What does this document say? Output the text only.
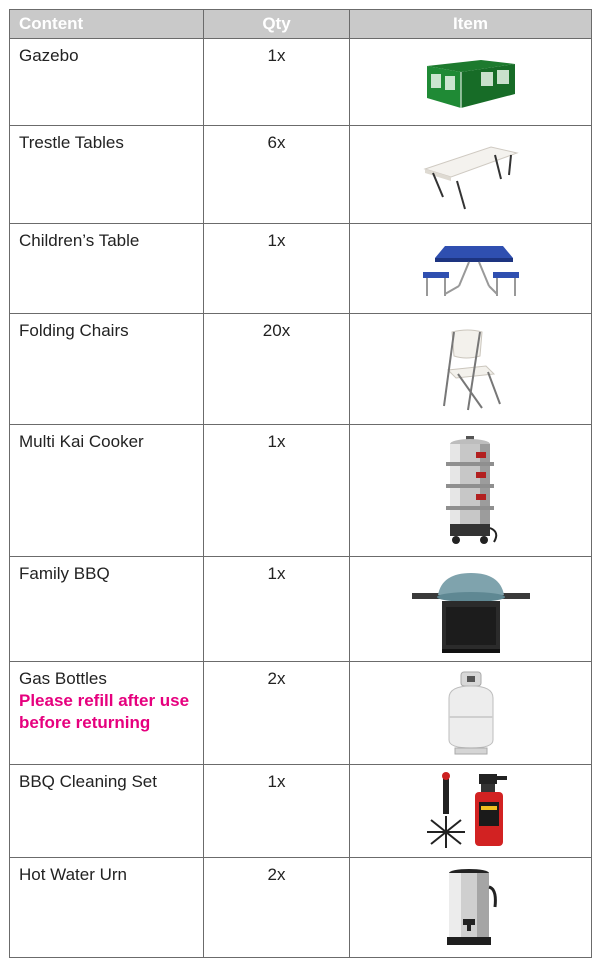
Content	Qty	Item
Gazebo	1x	

Trestle Tables	6x	

Children’s Table	1x	

Folding Chairs	20x	

Multi Kai Cooker	1x	

Family BBQ	1x	

Gas Bottles
Please refill after use
before returning	2x	

BBQ Cleaning Set	1x	

Hot Water Urn	2x	
